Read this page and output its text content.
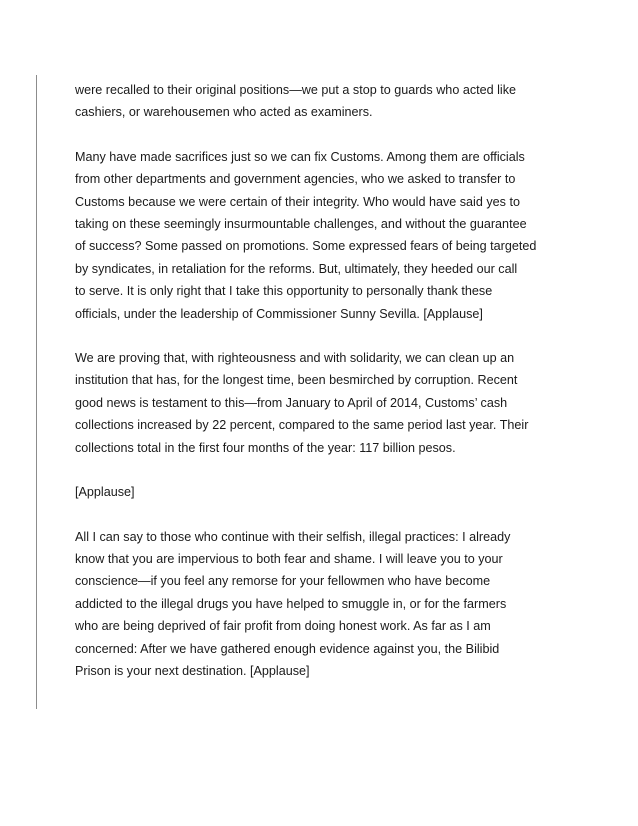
were recalled to their original positions—we put a stop to guards who acted like
cashiers, or warehousemen who acted as examiners.

Many have made sacrifices just so we can fix Customs. Among them are officials
from other departments and government agencies, who we asked to transfer to
Customs because we were certain of their integrity. Who would have said yes to
taking on these seemingly insurmountable challenges, and without the guarantee
of success? Some passed on promotions. Some expressed fears of being targeted
by syndicates, in retaliation for the reforms. But, ultimately, they heeded our call
to serve. It is only right that I take this opportunity to personally thank these
officials, under the leadership of Commissioner Sunny Sevilla. [Applause]

We are proving that, with righteousness and with solidarity, we can clean up an
institution that has, for the longest time, been besmirched by corruption. Recent
good news is testament to this—from January to April of 2014, Customs’ cash
collections increased by 22 percent, compared to the same period last year. Their
collections total in the first four months of the year: 117 billion pesos.

[Applause]

All I can say to those who continue with their selfish, illegal practices: I already
know that you are impervious to both fear and shame. I will leave you to your
conscience—if you feel any remorse for your fellowmen who have become
addicted to the illegal drugs you have helped to smuggle in, or for the farmers
who are being deprived of fair profit from doing honest work. As far as I am
concerned: After we have gathered enough evidence against you, the Bilibid
Prison is your next destination. [Applause]
